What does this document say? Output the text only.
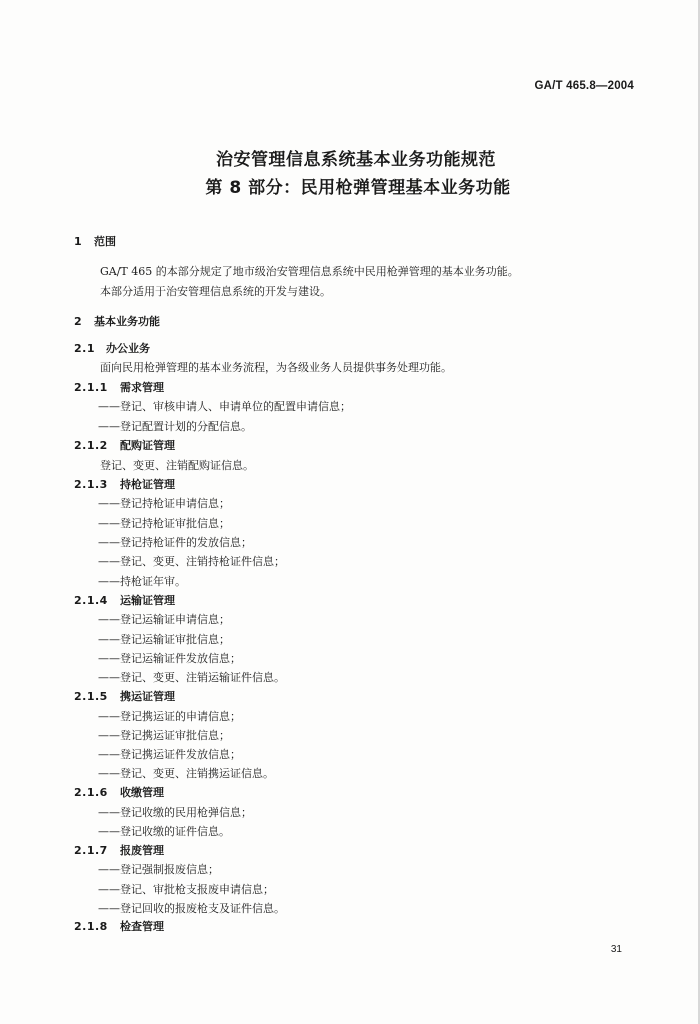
GA/T 465.8—2004
治安管理信息系统基本业务功能规范
第 8 部分：民用枪弹管理基本业务功能
1 范围
GA/T 465 的本部分规定了地市级治安管理信息系统中民用枪弹管理的基本业务功能。
本部分适用于治安管理信息系统的开发与建设。
2 基本业务功能
2.1 办公业务
面向民用枪弹管理的基本业务流程，为各级业务人员提供事务处理功能。
2.1.1 需求管理
——登记、审核申请人、申请单位的配置申请信息；
——登记配置计划的分配信息。
2.1.2 配购证管理
登记、变更、注销配购证信息。
2.1.3 持枪证管理
——登记持枪证申请信息；
——登记持枪证审批信息；
——登记持枪证件的发放信息；
——登记、变更、注销持枪证件信息；
——持枪证年审。
2.1.4 运输证管理
——登记运输证申请信息；
——登记运输证审批信息；
——登记运输证件发放信息；
——登记、变更、注销运输证件信息。
2.1.5 携运证管理
——登记携运证的申请信息；
——登记携运证审批信息；
——登记携运证件发放信息；
——登记、变更、注销携运证信息。
2.1.6 收缴管理
——登记收缴的民用枪弹信息；
——登记收缴的证件信息。
2.1.7 报废管理
——登记强制报废信息；
——登记、审批枪支报废申请信息；
——登记回收的报废枪支及证件信息。
2.1.8 检查管理
31
